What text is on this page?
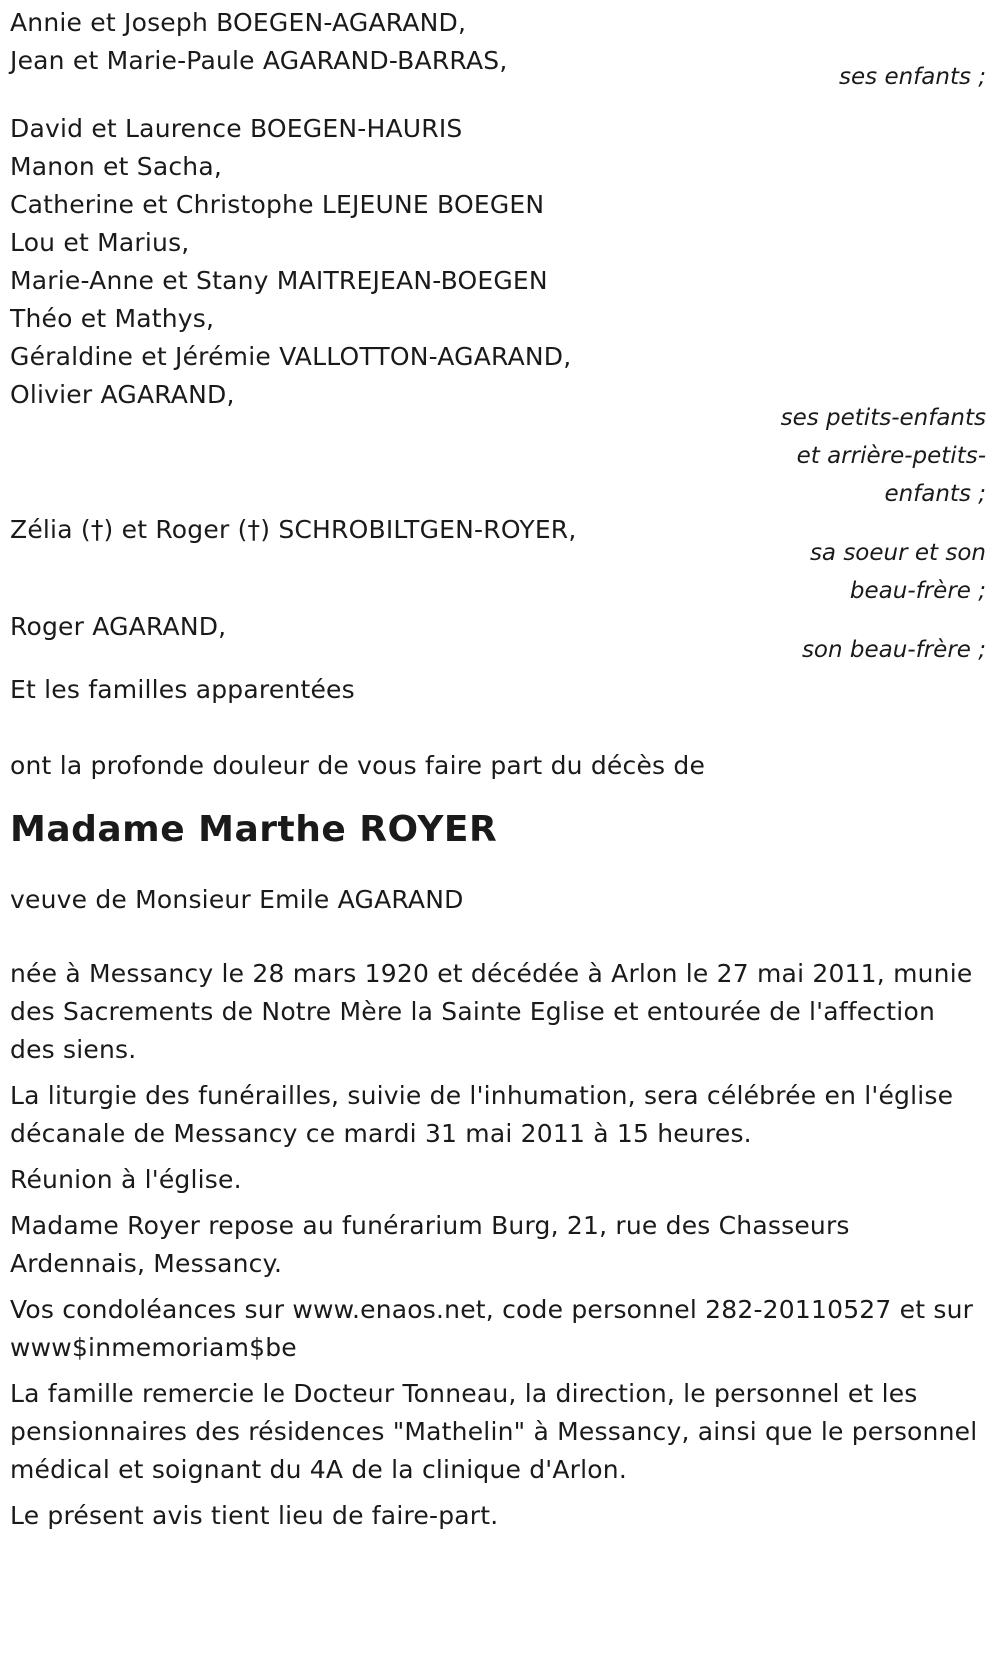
Annie et Joseph BOEGEN-AGARAND,
Jean et Marie-Paule AGARAND-BARRAS,
ses enfants ;
David et Laurence BOEGEN-HAURIS
Manon et Sacha,
Catherine et Christophe LEJEUNE BOEGEN
Lou et Marius,
Marie-Anne et Stany MAITREJEAN-BOEGEN
Théo et Mathys,
Géraldine et Jérémie VALLOTTON-AGARAND,
Olivier AGARAND,
ses petits-enfants
et arrière-petits-
enfants ;
Zélia (†) et Roger (†) SCHROBILTGEN-ROYER,
sa soeur et son
beau-frère ;
Roger AGARAND,
son beau-frère ;
Et les familles apparentées
ont la profonde douleur de vous faire part du décès de
Madame Marthe ROYER
veuve de Monsieur Emile AGARAND

née à Messancy le 28 mars 1920 et décédée à Arlon le 27 mai 2011, munie des Sacrements de Notre Mère la Sainte Eglise et entourée de l'affection des siens.

La liturgie des funérailles, suivie de l'inhumation, sera célébrée en l'église décanale de Messancy ce mardi 31 mai 2011 à 15 heures.

Réunion à l'église.

Madame Royer repose au funérarium Burg, 21, rue des Chasseurs Ardennais, Messancy.

Vos condoléances sur www.enaos.net, code personnel 282-20110527 et sur www$inmemoriam$be

La famille remercie le Docteur Tonneau, la direction, le personnel et les pensionnaires des résidences "Mathelin" à Messancy, ainsi que le personnel médical et soignant du 4A de la clinique d'Arlon.

Le présent avis tient lieu de faire-part.
